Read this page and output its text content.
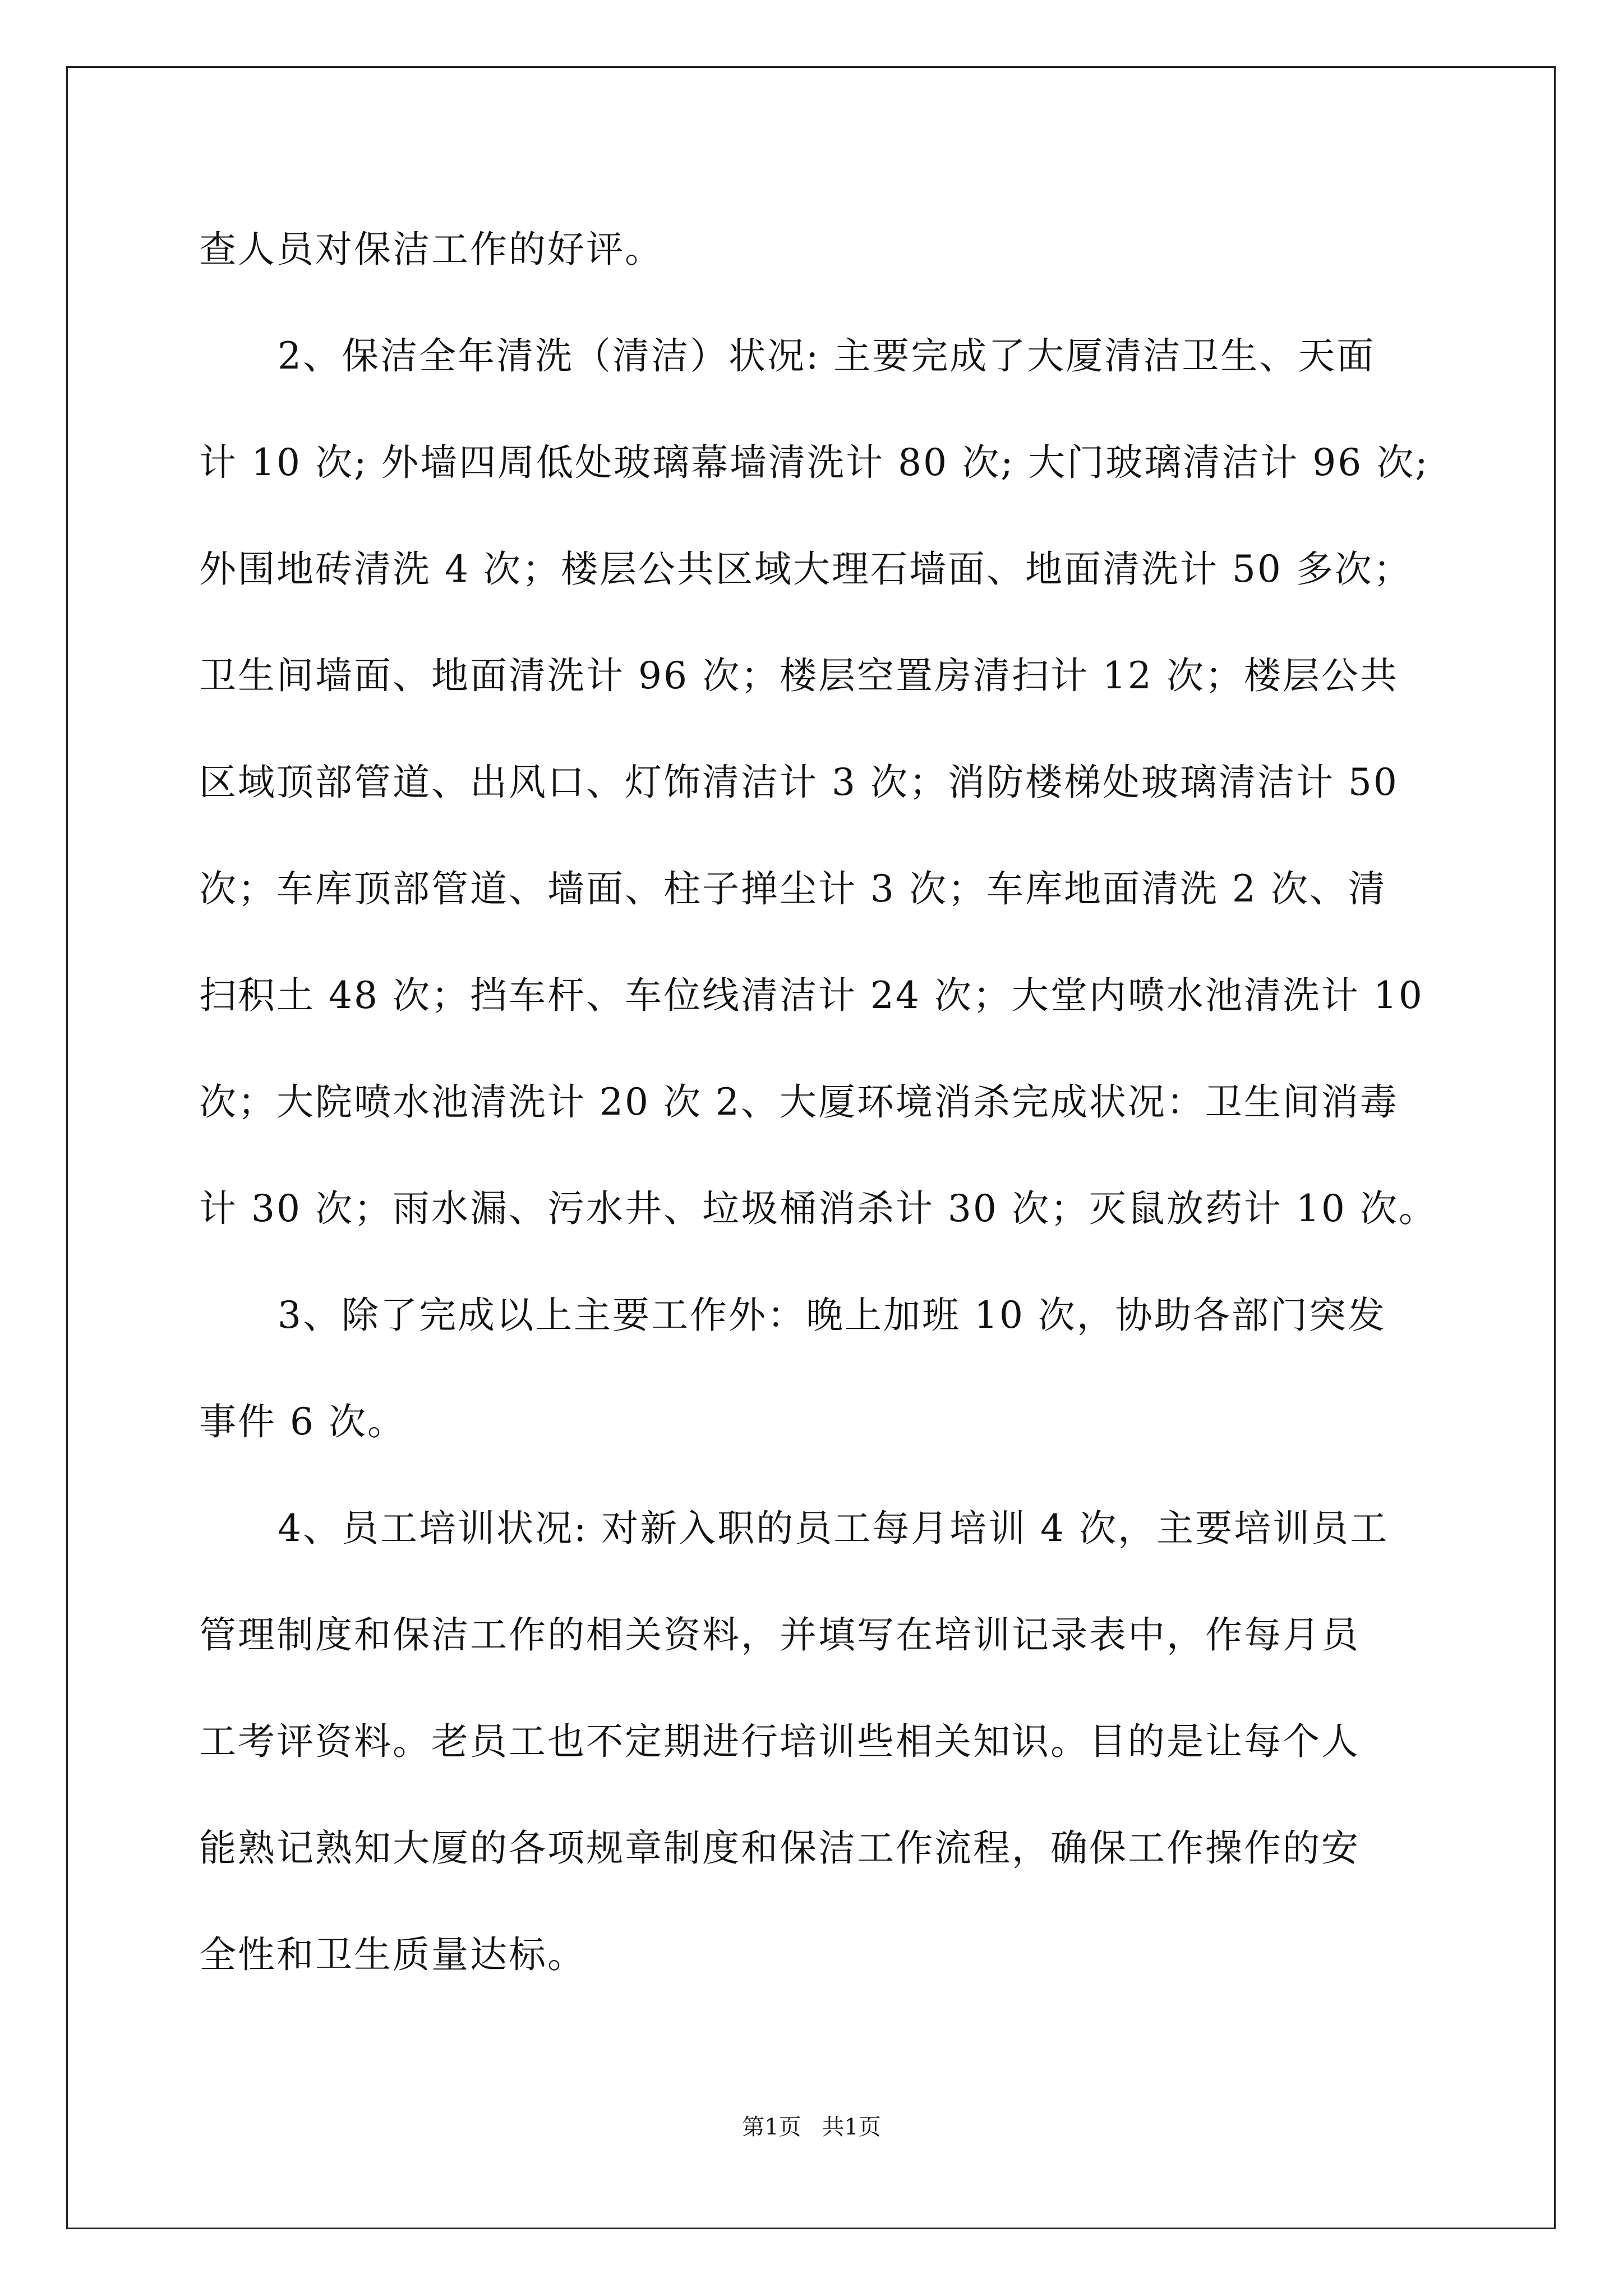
查人员对保洁工作的好评。
2、保洁全年清洗（清洁）状况: 主要完成了大厦清洁卫生、天面
计 10 次; 外墙四周低处玻璃幕墙清洗计 80 次; 大门玻璃清洁计 96 次;
外围地砖清洗 4 次；楼层公共区域大理石墙面、地面清洗计 50 多次；
卫生间墙面、地面清洗计 96 次；楼层空置房清扫计 12 次；楼层公共
区域顶部管道、出风口、灯饰清洁计 3 次；消防楼梯处玻璃清洁计 50
次；车库顶部管道、墙面、柱子掸尘计 3 次；车库地面清洗 2 次、清
扫积土 48 次；挡车杆、车位线清洁计 24 次；大堂内喷水池清洗计 10
次；大院喷水池清洗计 20 次 2、大厦环境消杀完成状况：卫生间消毒
计 30 次；雨水漏、污水井、垃圾桶消杀计 30 次；灭鼠放药计 10 次。
3、除了完成以上主要工作外：晚上加班 10 次，协助各部门突发
事件 6 次。
4、员工培训状况: 对新入职的员工每月培训 4 次，主要培训员工
管理制度和保洁工作的相关资料，并填写在培训记录表中，作每月员
工考评资料。老员工也不定期进行培训些相关知识。目的是让每个人
能熟记熟知大厦的各项规章制度和保洁工作流程，确保工作操作的安
全性和卫生质量达标。
第1页 共1页
